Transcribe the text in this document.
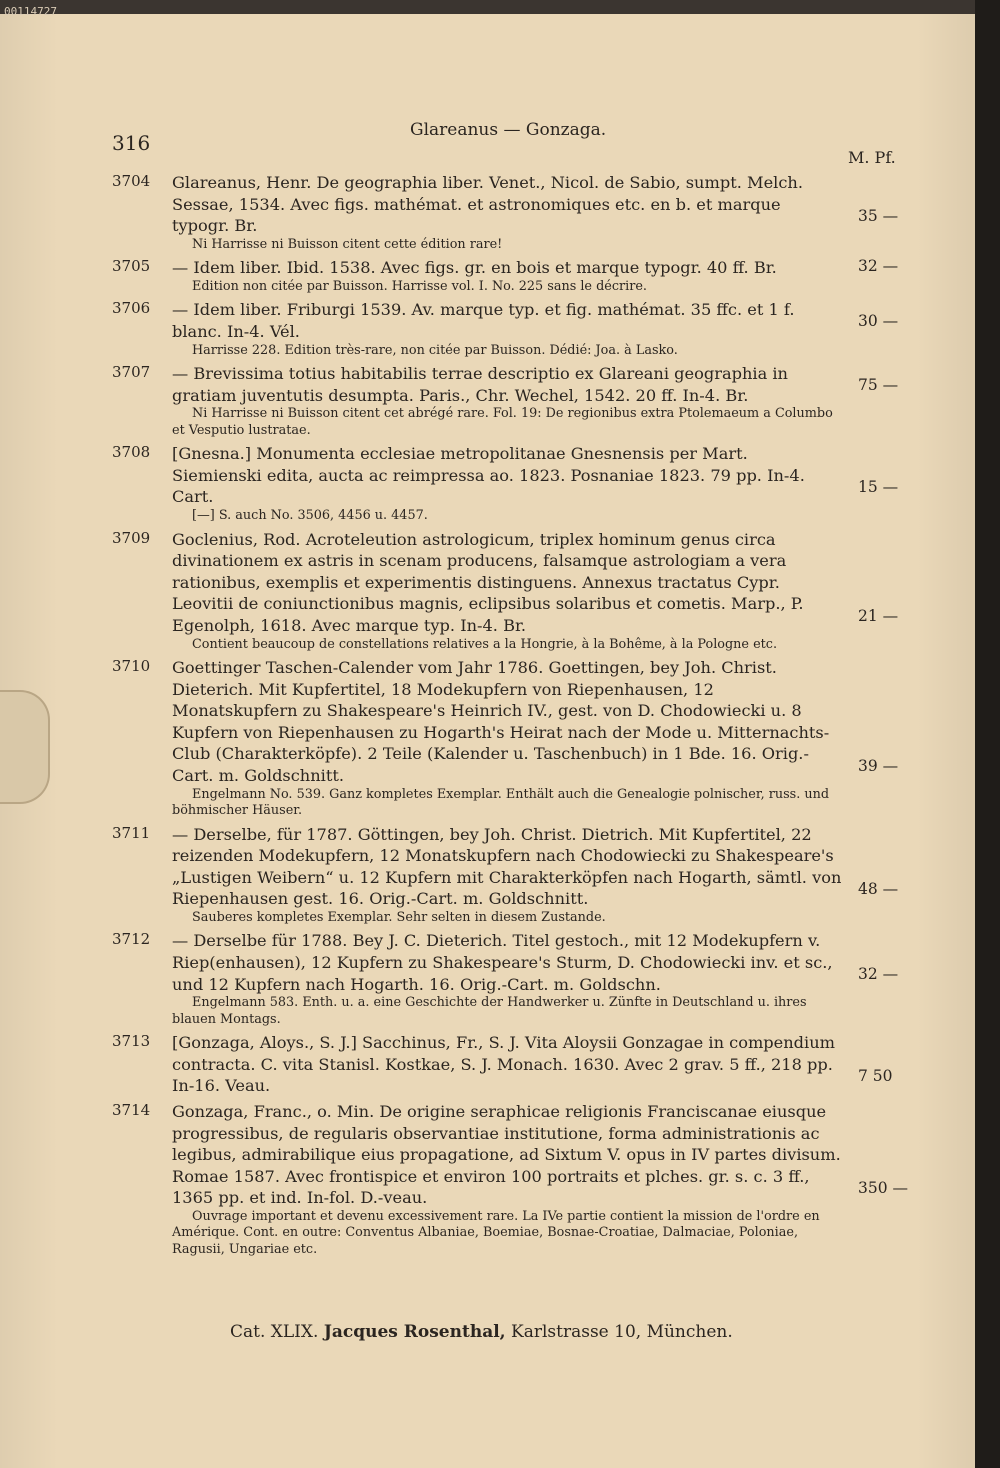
00114727
316
Glareanus — Gonzaga.
M. Pf.
3704	Glareanus, Henr. De geographia liber. Venet., Nicol. de Sabio, sumpt. Melch. Sessae, 1534. Avec figs. mathémat. et astronomiques etc. en b. et marque typogr. Br.
Ni Harrisse ni Buisson citent cette édition rare!
35 —
3705	— Idem liber. Ibid. 1538. Avec figs. gr. en bois et marque typogr. 40 ff. Br.
Edition non citée par Buisson. Harrisse vol. I. No. 225 sans le décrire.
32 —
3706	— Idem liber. Friburgi 1539. Av. marque typ. et fig. mathémat. 35 ffc. et 1 f. blanc. In-4. Vél.
Harrisse 228. Edition très-rare, non citée par Buisson. Dédié: Joa. à Lasko.
30 —
3707	— Brevissima totius habitabilis terrae descriptio ex Glareani geographia in gratiam juventutis desumpta. Paris., Chr. Wechel, 1542. 20 ff. In-4. Br.
Ni Harrisse ni Buisson citent cet abrégé rare. Fol. 19: De regionibus extra Ptolemaeum a Columbo et Vesputio lustratae.
75 —
3708	[Gnesna.] Monumenta ecclesiae metropolitanae Gnesnensis per Mart. Siemienski edita, aucta ac reimpressa ao. 1823. Posnaniae 1823. 79 pp. In-4. Cart.
[—] S. auch No. 3506, 4456 u. 4457.
15 —
3709	Goclenius, Rod. Acroteleution astrologicum, triplex hominum genus circa divinationem ex astris in scenam producens, falsamque astrologiam a vera rationibus, exemplis et experimentis distinguens. Annexus tractatus Cypr. Leovitii de coniunctionibus magnis, eclipsibus solaribus et cometis. Marp., P. Egenolph, 1618. Avec marque typ. In-4. Br.
Contient beaucoup de constellations relatives a la Hongrie, à la Bohême, à la Pologne etc.
21 —
3710	Goettinger Taschen-Calender vom Jahr 1786. Goettingen, bey Joh. Christ. Dieterich. Mit Kupfertitel, 18 Modekupfern von Riepenhausen, 12 Monatskupfern zu Shakespeare's Heinrich IV., gest. von D. Chodowiecki u. 8 Kupfern von Riepenhausen zu Hogarth's Heirat nach der Mode u. Mitternachts-Club (Charakterköpfe). 2 Teile (Kalender u. Taschenbuch) in 1 Bde. 16. Orig.-Cart. m. Goldschnitt.
Engelmann No. 539. Ganz kompletes Exemplar. Enthält auch die Genealogie polnischer, russ. und böhmischer Häuser.
39 —
3711	— Derselbe, für 1787. Göttingen, bey Joh. Christ. Dietrich. Mit Kupfertitel, 22 reizenden Modekupfern, 12 Monatskupfern nach Chodowiecki zu Shakespeare's „Lustigen Weibern“ u. 12 Kupfern mit Charakterköpfen nach Hogarth, sämtl. von Riepenhausen gest. 16. Orig.-Cart. m. Goldschnitt.
Sauberes kompletes Exemplar. Sehr selten in diesem Zustande.
48 —
3712	— Derselbe für 1788. Bey J. C. Dieterich. Titel gestoch., mit 12 Modekupfern v. Riep(enhausen), 12 Kupfern zu Shakespeare's Sturm, D. Chodowiecki inv. et sc., und 12 Kupfern nach Hogarth. 16. Orig.-Cart. m. Goldschn.
Engelmann 583. Enth. u. a. eine Geschichte der Handwerker u. Zünfte in Deutschland u. ihres blauen Montags.
32 —
3713	[Gonzaga, Aloys., S. J.] Sacchinus, Fr., S. J. Vita Aloysii Gonzagae in compendium contracta. C. vita Stanisl. Kostkae, S. J. Monach. 1630. Avec 2 grav. 5 ff., 218 pp. In-16. Veau.
7 50
3714	Gonzaga, Franc., o. Min. De origine seraphicae religionis Franciscanae eiusque progressibus, de regularis observantiae institutione, forma administrationis ac legibus, admirabilique eius propagatione, ad Sixtum V. opus in IV partes divisum. Romae 1587. Avec frontispice et environ 100 portraits et plches. gr. s. c. 3 ff., 1365 pp. et ind. In-fol. D.-veau.
Ouvrage important et devenu excessivement rare. La IVe partie contient la mission de l'ordre en Amérique. Cont. en outre: Conventus Albaniae, Boemiae, Bosnae-Croatiae, Dalmaciae, Poloniae, Ragusii, Ungariae etc.
350 —
Cat. XLIX. Jacques Rosenthal, Karlstrasse 10, München.
